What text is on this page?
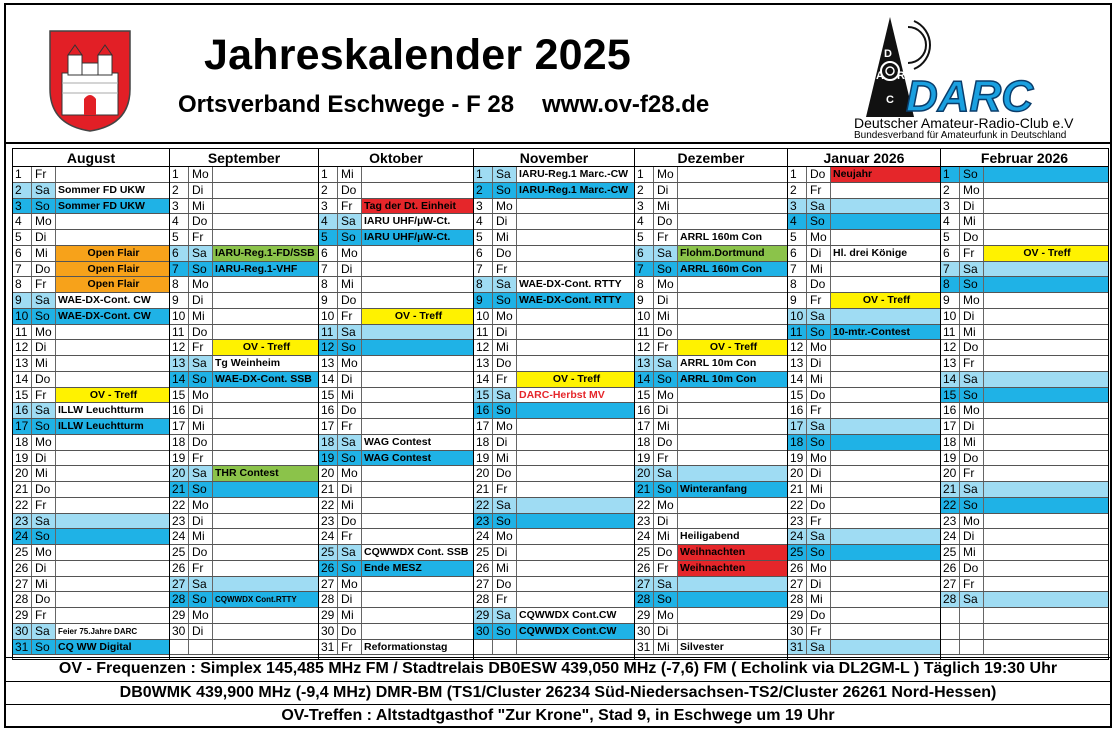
Jahreskalender 2025
Ortsverband Eschwege - F 28 www.ov-f28.de
D
A R
C DARC
Deutscher Amateur-Radio-Club e.V
Bundesverband für Amateurfunk in Deutschland
August
1	Fr
2	Sa Sommer FD UKW
3	So Sommer FD UKW
4	Mo
5	Di
6	Mi	Open Flair
7	Do	Open Flair
8	Fr	Open Flair
9	Sa WAE-DX-Cont. CW
10 So WAE-DX-Cont. CW
11 Mo
12 Di
13 Mi
14 Do
15 Fr	OV - Treff
16 Sa ILLW Leuchtturm
17 So ILLW Leuchtturm
18 Mo
19 Di
20 Mi
21 Do
22 Fr
23 Sa
24 So
25 Mo
26 Di
27 Mi
28 Do
29 Fr
30 Sa	Feier 75.Jahre DARC
31 So CQ WW Digital
September
1	Mo
2	Di
3	Mi
4	Do
5	Fr
6	Sa IARU-Reg.1-FD/SSB
7	So IARU-Reg.1-VHF
8	Mo
9	Di
10 Mi
11 Do
12 Fr	OV - Treff
13 Sa Tg Weinheim
14 So WAE-DX-Cont. SSB
15 Mo
16 Di
17 Mi
18 Do
19 Fr
20 Sa THR Contest
21 So
22 Mo
23 Di
24 Mi
25 Do
26 Fr
27 Sa
28 So	CQWWDX Cont.RTTY
29 Mo
30 Di
Oktober
1	Mi
2	Do
3	Fr	Tag der Dt. Einheit
4	Sa IARU UHF/µW-Ct.
5	So IARU UHF/µW-Ct.
6	Mo
7	Di
8	Mi
9	Do
10 Fr	OV - Treff
11 Sa
12 So
13 Mo
14 Di
15 Mi
16 Do
17 Fr
18 Sa WAG Contest
19 So WAG Contest
20 Mo
21 Di
22 Mi
23 Do
24 Fr
25 Sa CQWWDX Cont. SSB
26 So Ende MESZ
27 Mo
28 Di
29 Mi
30 Do
31 Fr	Reformationstag
November
1	Sa IARU-Reg.1 Marc.-CW
2	So IARU-Reg.1 Marc.-CW
3	Mo
4	Di
5	Mi
6	Do
7	Fr
8	Sa WAE-DX-Cont. RTTY
9	So WAE-DX-Cont. RTTY
10 Mo
11 Di
12 Mi
13 Do
14 Fr	OV - Treff
15 Sa DARC-Herbst MV
16 So
17 Mo
18 Di
19 Mi
20 Do
21 Fr
22 Sa
23 So
24 Mo
25 Di
26 Mi
27 Do
28 Fr
29 Sa CQWWDX Cont.CW
30 So CQWWDX Cont.CW
Dezember
1	Mo
2	Di
3	Mi
4	Do
5	Fr	ARRL 160m Con
6	Sa Flohm.Dortmund
7	So ARRL 160m Con
8	Mo
9	Di
10 Mi
11 Do
12 Fr	OV - Treff
13 Sa ARRL 10m Con
14 So ARRL 10m Con
15 Mo
16 Di
17 Mi
18 Do
19 Fr
20 Sa
21 So Winteranfang
22 Mo
23 Di
24 Mi Heiligabend
25 Do Weihnachten
26 Fr	Weihnachten
27 Sa
28 So
29 Mo
30 Di
31 Mi Silvester
Januar 2026
1	Do Neujahr
2	Fr
3	Sa
4	So
5	Mo
6	Di	Hl. drei Könige
7	Mi
8	Do
9	Fr	OV - Treff
10 Sa
11 So 10-mtr.-Contest
12 Mo
13 Di
14 Mi
15 Do
16 Fr
17 Sa
18 So
19 Mo
20 Di
21 Mi
22 Do
23 Fr
24 Sa
25 So
26 Mo
27 Di
28 Mi
29 Do
30 Fr
31 Sa
Februar 2026
1	So
2	Mo
3	Di
4	Mi
5	Do
6	Fr	OV - Treff
7	Sa
8	So
9	Mo
10 Di
11 Mi
12 Do
13 Fr
14 Sa
15 So
16 Mo
17 Di
18 Mi
19 Do
20 Fr
21 Sa
22 So
23 Mo
24 Di
25 Mi
26 Do
27 Fr
28 Sa
OV - Frequenzen : Simplex 145,485 MHz FM / Stadtrelais DB0ESW 439,050 MHz (-7,6) FM ( Echolink via DL2GM-L ) Täglich 19:30 Uhr
DB0WMK 439,900 MHz (-9,4 MHz) DMR-BM (TS1/Cluster 26234 Süd-Niedersachsen-TS2/Cluster 26261 Nord-Hessen)
OV-Treffen : Altstadtgasthof "Zur Krone", Stad 9, in Eschwege um 19 Uhr
